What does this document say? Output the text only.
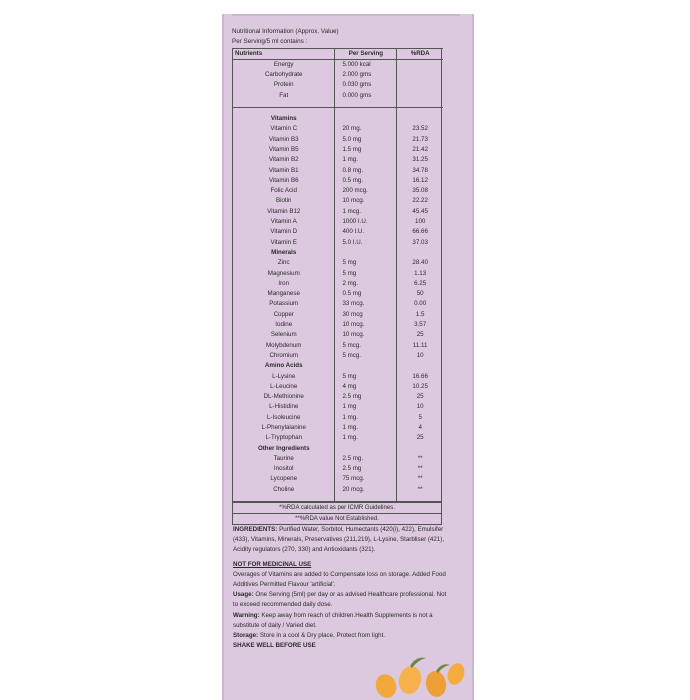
Nutritional Information (Approx. Value)
Per Serving/5 ml contains :
Nutrients	Per Serving	%RDA
Energy	5.000 kcal	
Carbohydrate	2.000 gms	
Protein	0.030 gms	
Fat	0.000 gms	

Vitamins		
Vitamin C	20 mg.	23.52
Vitamin B3	5.0 mg	21.73
Vitamin B5	1.5 mg	21.42
Vitamin B2	1 mg.	31.25
Vitamin B1	0.8 mg.	34.78
Vitamin B6	0.5 mg.	16.12
Folic Acid	200 mcg.	35.08
Biotin	10 mcg.	22.22
Vitamin B12	1 mcg.	45.45
Vitamin A	1000 I.U.	100
Vitamin D	400 I.U.	66.66
Vitamin E	5.0 I.U.	37.03
Minerals		
Zinc	5 mg	28.40
Magnesium	5 mg	1.13
Iron	2 mg.	6.25
Manganese	0.5 mg	50
Potassium	33 mcg.	0.00
Copper	30 mcg	1.5
Iodine	10 mcg.	3.57
Selenium	10 mcg.	25
Molybdenum	5 mcg.	11.11
Chromium	5 mcg.	10
Amino Acids		
L-Lysine	5 mg	16.66
L-Leucine	4 mg	10.25
DL-Methionine	2.5 mg	25
L-Histidine	1 mg	10
L-Isoleucine	1 mg.	5
L-Phenylalanine	1 mg.	4
L-Tryptophan	1 mg.	25
Other Ingredients		
Taurine	2.5 mg.	**
Inositol	2.5 mg	**
Lycopene	75 mcg.	**
Choline	20 mcg.	**

*%RDA calculated as per ICMR Guidelines.
**%RDA value Not Established.

INGREDIENTS: Purified Water, Sorbitol, Humectants (420(i), 422), Emulsifer (433), Vitamins, Minerals, Preservatives (211,219), L-Lysine, Starbliser (421), Acidity regulators (270, 330) and Antioxidants (321).

NOT FOR MEDICINAL USE

Overages of Vitamins are added to Compensate loss on storage. Added Food Additives Permitted Flavour 'artificial'.

Usage: One Serving (5ml) per day or as advised Healthcare professional. Not to exceed recommended daily dose.

Warning: Keep away from reach of children.Health Supplements is not a substitute of daily / Varied diet.

Storage: Store in a cool & Dry place, Protect from light.

SHAKE WELL BEFORE USE
